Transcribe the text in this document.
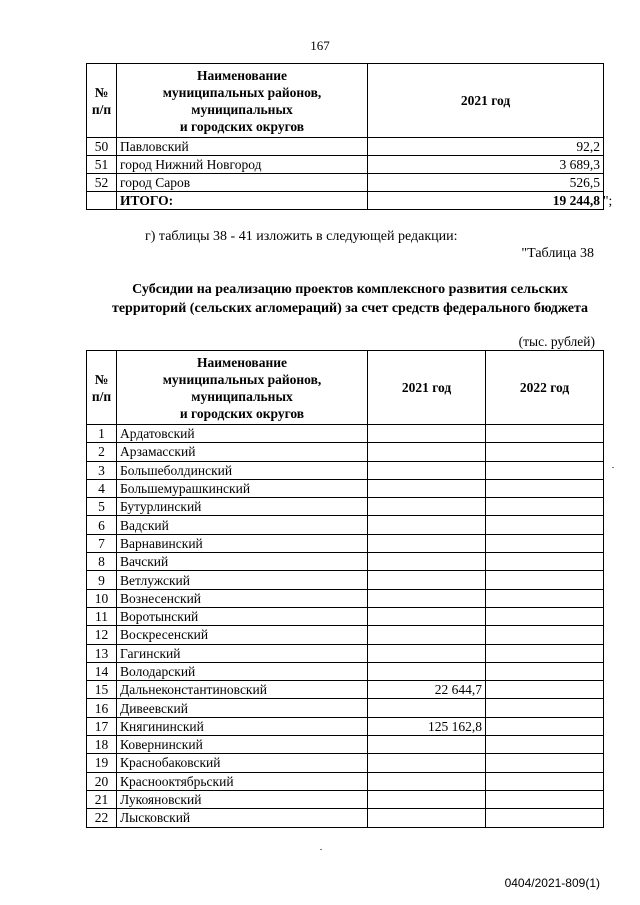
167
№
п/п	Наименование
муниципальных районов,
муниципальных
и городских округов	2021 год
50	Павловский	92,2
51	город Нижний Новгород	3 689,3
52	город Саров	526,5
	ИТОГО:	19 244,8 ";
г) таблицы 38 - 41 изложить в следующей редакции:
"Таблица 38
Субсидии на реализацию проектов комплексного развития сельских территорий (сельских агломераций) за счет средств федерального бюджета
(тыс. рублей)
№
п/п	Наименование
муниципальных районов,
муниципальных
и городских округов	2021 год	2022 год
1	Ардатовский		
2	Арзамасский		
3	Большеболдинский		
4	Большемурашкинский		
5	Бутурлинский		
6	Вадский		
7	Варнавинский		
8	Вачский		
9	Ветлужский		
10	Вознесенский		
11	Воротынский		
12	Воскресенский		
13	Гагинский		
14	Володарский		
15	Дальнеконстантиновский	22 644,7	
16	Дивеевский		
17	Княгининский	125 162,8	
18	Ковернинский		
19	Краснобаковский		
20	Краснооктябрьский		
21	Лукояновский		
22	Лысковский		
0404/2021-809(1)
